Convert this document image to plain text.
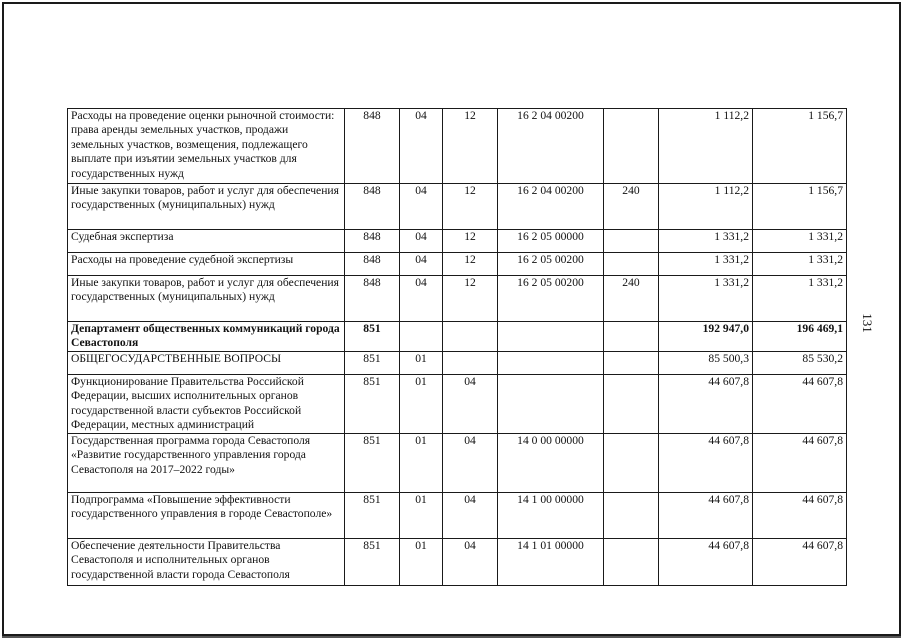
Расходы на проведение оценки рыночной стоимости: права аренды земельных участков, продажи земельных участков, возмещения, подлежащего выплате при изъятии земельных участков для государственных нужд	848	04	12	16 2 04 00200		1 112,2	1 156,7
Иные закупки товаров, работ и услуг для обеспечения государственных (муниципальных) нужд	848	04	12	16 2 04 00200	240	1 112,2	1 156,7
Судебная экспертиза	848	04	12	16 2 05 00000		1 331,2	1 331,2
Расходы на проведение судебной экспертизы	848	04	12	16 2 05 00200		1 331,2	1 331,2
Иные закупки товаров, работ и услуг для обеспечения государственных (муниципальных) нужд	848	04	12	16 2 05 00200	240	1 331,2	1 331,2
Департамент общественных коммуникаций города Севастополя	851					192 947,0	196 469,1
ОБЩЕГОСУДАРСТВЕННЫЕ ВОПРОСЫ	851	01				85 500,3	85 530,2
Функционирование Правительства Российской Федерации, высших исполнительных органов государственной власти субъектов Российской Федерации, местных администраций	851	01	04			44 607,8	44 607,8
Государственная программа города Севастополя «Развитие государственного управления города Севастополя на 2017–2022 годы»	851	01	04	14 0 00 00000		44 607,8	44 607,8
Подпрограмма «Повышение эффективности государственного управления в городе Севастополе»	851	01	04	14 1 00 00000		44 607,8	44 607,8
Обеспечение деятельности Правительства Севастополя и исполнительных органов государственной власти города Севастополя	851	01	04	14 1 01 00000		44 607,8	44 607,8
131
